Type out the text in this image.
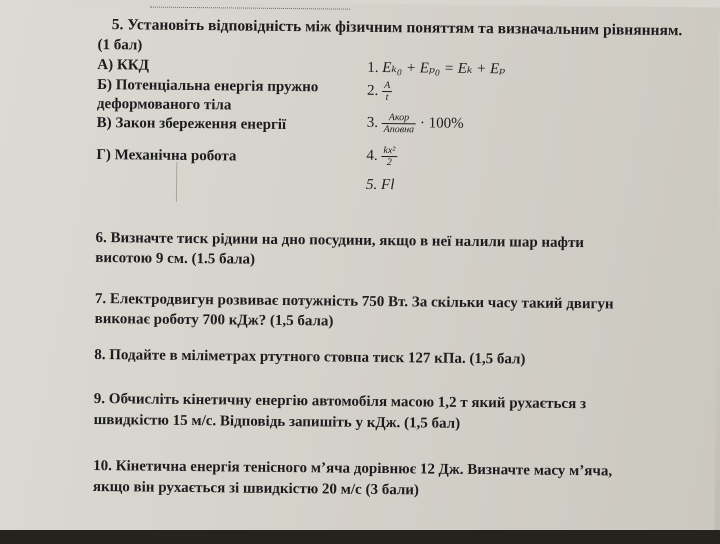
5. Установіть відповідність між фізичним поняттям та визначальним рівнянням.
(1 бал)
А) ККД
Б) Потенціальна енергія пружно
деформованого тіла
В) Закон збереження енергії
Г) Механічна робота
1. Eₖ₀ + Eₚ₀ = Eₖ + Eₚ
2. $\frac{A}{t}$
3. $\frac{\text{Aкор}}{\text{Aповна}} \cdot 100\%$
4. $\frac{\text{kx²}}{2}$
5. Fl
6. Визначте тиск рідини на дно посудини, якщо в неї налили шар нафти
висотою 9 см. (1.5 бала)
7. Електродвигун розвиває потужність 750 Вт. За скільки часу такий двигун
виконає роботу 700 кДж? (1,5 бала)
8. Подайте в міліметрах ртутного стовпа тиск 127 кПа. (1,5 бал)
9. Обчисліть кінетичну енергію автомобіля масою 1,2 т який рухається з
швидкістю 15 м/с. Відповідь запишіть у кДж. (1,5 бал)
10. Кінетична енергія тенісного м’яча дорівнює 12 Дж. Визначте масу м’яча,
якщо він рухається зі швидкістю 20 м/с (3 бали)
